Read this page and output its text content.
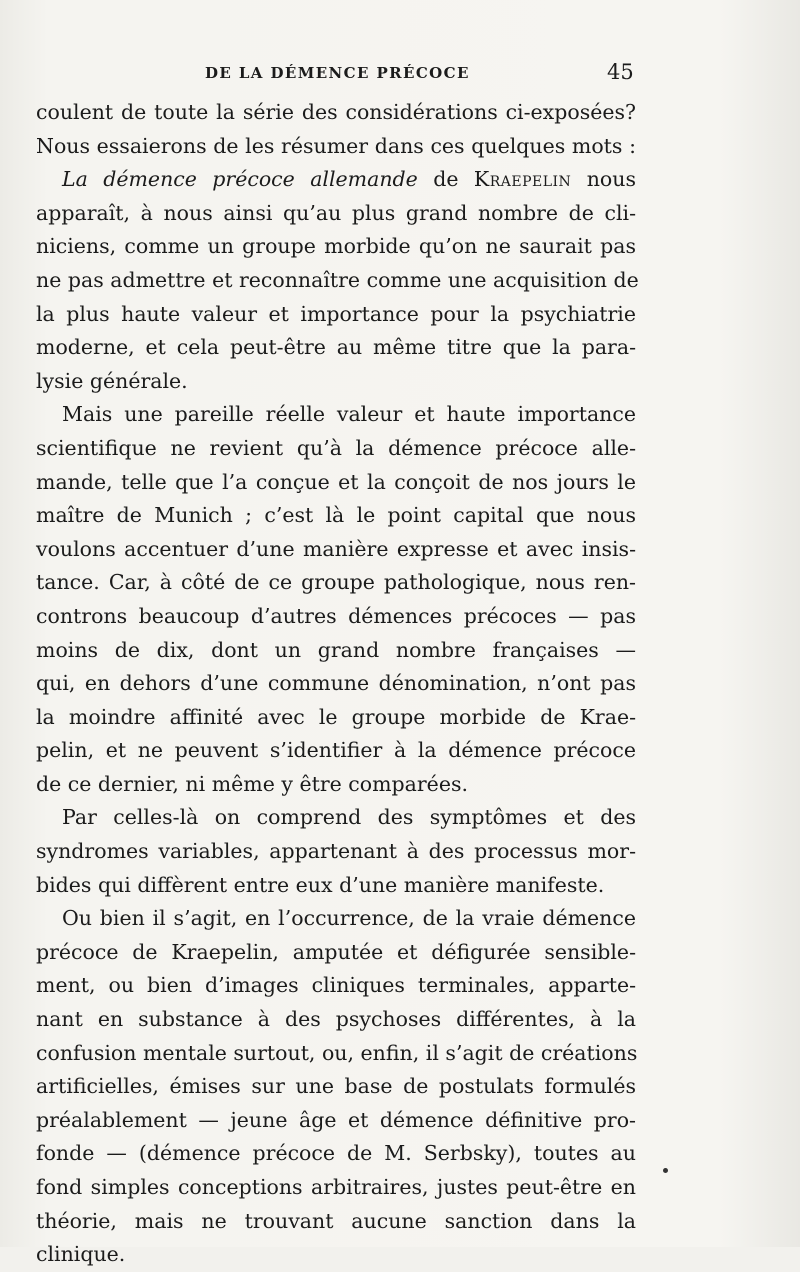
DE LA DÉMENCE PRÉCOCE	45
coulent de toute la série des considérations ci-exposées?
Nous essaierons de les résumer dans ces quelques mots :
La démence précoce allemande de Kraepelin nous
apparaît, à nous ainsi qu’au plus grand nombre de cli-
niciens, comme un groupe morbide qu’on ne saurait pas
ne pas admettre et reconnaître comme une acquisition de
la plus haute valeur et importance pour la psychiatrie
moderne, et cela peut-être au même titre que la para-
lysie générale.
Mais une pareille réelle valeur et haute importance
scientifique ne revient qu’à la démence précoce alle-
mande, telle que l’a conçue et la conçoit de nos jours le
maître de Munich ; c’est là le point capital que nous
voulons accentuer d’une manière expresse et avec insis-
tance. Car, à côté de ce groupe pathologique, nous ren-
controns beaucoup d’autres démences précoces — pas
moins de dix, dont un grand nombre françaises —
qui, en dehors d’une commune dénomination, n’ont pas
la moindre affinité avec le groupe morbide de Krae-
pelin, et ne peuvent s’identifier à la démence précoce
de ce dernier, ni même y être comparées.
Par celles-là on comprend des symptômes et des
syndromes variables, appartenant à des processus mor-
bides qui diffèrent entre eux d’une manière manifeste.
Ou bien il s’agit, en l’occurrence, de la vraie démence
précoce de Kraepelin, amputée et défigurée sensible-
ment, ou bien d’images cliniques terminales, apparte-
nant en substance à des psychoses différentes, à la
confusion mentale surtout, ou, enfin, il s’agit de créations
artificielles, émises sur une base de postulats formulés
préalablement — jeune âge et démence définitive pro-
fonde — (démence précoce de M. Serbsky), toutes au
fond simples conceptions arbitraires, justes peut-être en
théorie, mais ne trouvant aucune sanction dans la
clinique.
